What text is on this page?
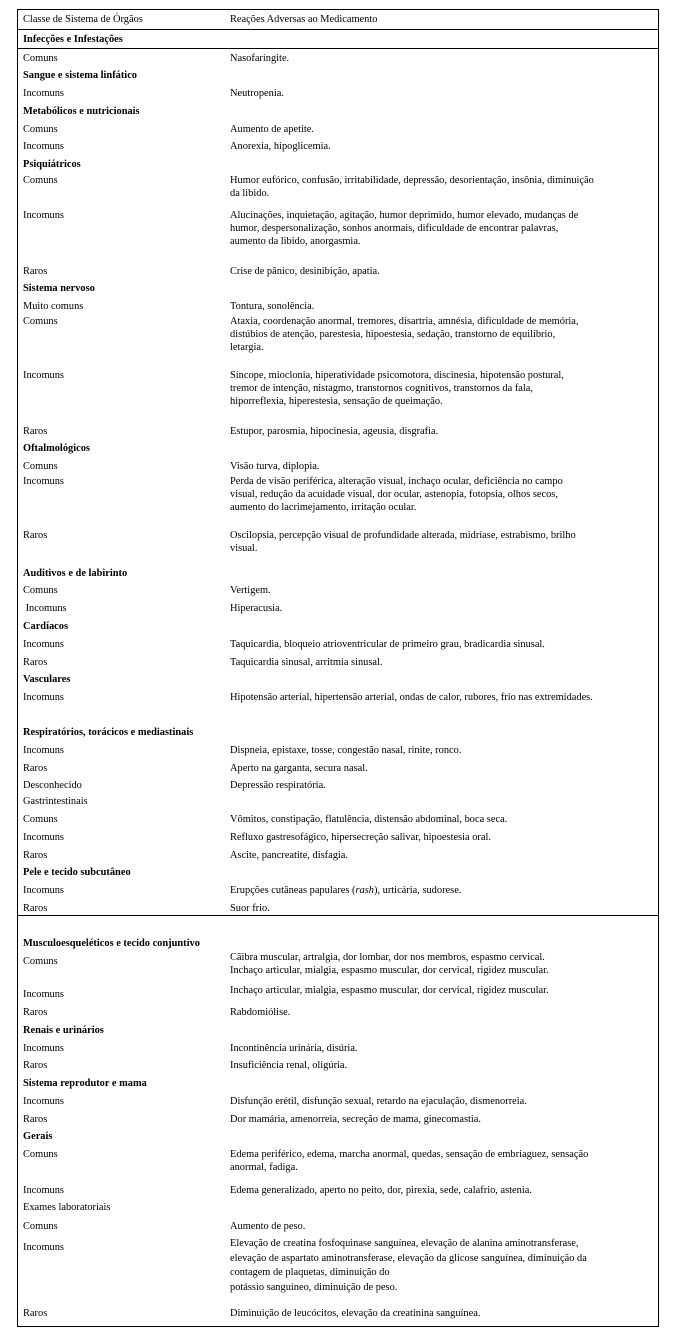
Classe de Sistema de Órgãos	Reações Adversas ao Medicamento
Infecções e Infestações
Comuns	Nasofaringite.
Sangue e sistema linfático
Incomuns	Neutropenia.
Metabólicos e nutricionais
Comuns	Aumento de apetite.
Incomuns	Anorexia, hipoglicemia.
Psiquiátricos
Comuns	Humor eufórico, confusão, irritabilidade, depressão, desorientação, insônia, diminuição
da libido.
Incomuns	Alucinações, inquietação, agitação, humor deprimido, humor elevado, mudanças de
humor, despersonalização, sonhos anormais, dificuldade de encontrar palavras,
aumento da libido, anorgasmia.
Raros	Crise de pânico, desinibição, apatia.
Sistema nervoso
Muito comuns	Tontura, sonolência.
Comuns	Ataxia, coordenação anormal, tremores, disartria, amnésia, dificuldade de memória,
distúbios de atenção, parestesia, hipoestesia, sedação, transtorno de equilíbrio,
letargia.
Incomuns	Síncope, mioclonia, hiperatividade psicomotora, discinesia, hipotensão postural,
tremor de intenção, nistagmo, transtornos cognitivos, transtornos da fala,
hiporreflexia, hiperestesia, sensação de queimação.
Raros	Estupor, parosmia, hipocinesia, ageusia, disgrafia.
Oftalmológicos
Comuns	Visão turva, diplopia.
Incomuns	Perda de visão periférica, alteração visual, inchaço ocular, deficiência no campo
visual, redução da acuidade visual, dor ocular, astenopia, fotopsia, olhos secos,
aumento do lacrimejamento, irritação ocular.
Raros	Oscilopsia, percepção visual de profundidade alterada, midríase, estrabismo, brilho
visual.
Auditivos e de labirinto
Comuns	Vertigem.
Incomuns	Hiperacusia.
Cardíacos
Incomuns	Taquicardia, bloqueio atrioventricular de primeiro grau, bradicardia sinusal.
Raros	Taquicardia sinusal, arritmia sinusal.
Vasculares
Incomuns	Hipotensão arterial, hipertensão arterial, ondas de calor, rubores, frio nas extremidades.
Respiratórios, torácicos e mediastinais
Incomuns	Dispneia, epistaxe, tosse, congestão nasal, rinite, ronco.
Raros	Aperto na garganta, secura nasal.
Desconhecido	Depressão respiratória.
Gastrintestinais
Comuns	Vômitos, constipação, flatulência, distensão abdominal, boca seca.
Incomuns	Refluxo gastresofágico, hipersecreção salivar, hipoestesia oral.
Raros	Ascite, pancreatite, disfagia.
Pele e tecido subcutâneo
Incomuns	Erupções cutâneas papulares (rash), urticária, sudorese.
Raros	Suor frio.
Musculoesqueléticos e tecido conjuntivo
Comuns	Cãibra muscular, artralgia, dor lombar, dor nos membros, espasmo cervical.
Inchaço articular, mialgia, espasmo muscular, dor cervical, rigidez muscular.
Incomuns	Inchaço articular, mialgia, espasmo muscular, dor cervical, rigidez muscular.
Raros	Rabdomiólise.
Renais e urinários
Incomuns	Incontinência urinária, disúria.
Raros	Insuficiência renal, oligúria.
Sistema reprodutor e mama
Incomuns	Disfunção erétil, disfunção sexual, retardo na ejaculação, dismenorreia.
Raros	Dor mamária, amenorreia, secreção de mama, ginecomastia.
Gerais
Comuns	Edema periférico, edema, marcha anormal, quedas, sensação de embriaguez, sensação
anormal, fadiga.
Incomuns	Edema generalizado, aperto no peito, dor, pirexia, sede, calafrio, astenia.
Exames laboratoriais
Comuns	Aumento de peso.
Incomuns	Elevação de creatina fosfoquinase sanguínea, elevação de alanina aminotransferase,
elevação de aspartato aminotransferase, elevação da glicose sanguínea, diminuição da
contagem de plaquetas, diminuição do
potássio sanguíneo, diminuição de peso.
Raros	Diminuição de leucócitos, elevação da creatinina sanguínea.
